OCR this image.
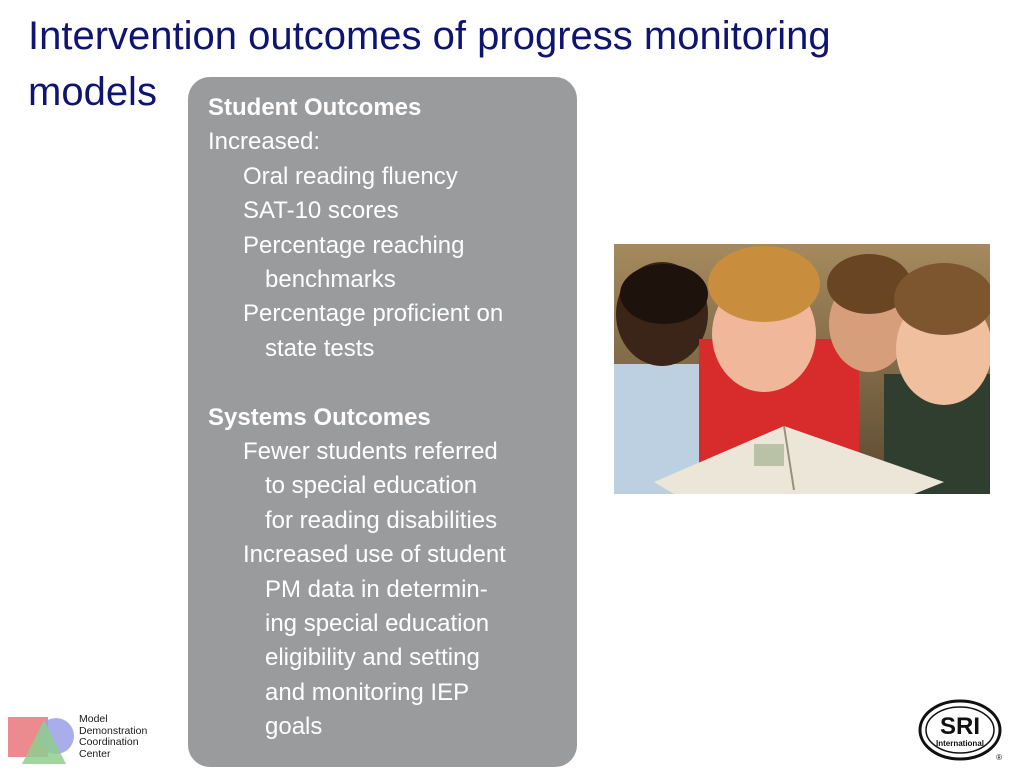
Intervention outcomes of progress monitoring
models	Student Outcomes
Increased:
Oral reading fluency
SAT-10 scores
Percentage reaching
benchmarks
Percentage proficient on
state tests
Systems Outcomes
Fewer students referred
to special education
for reading disabilities
Increased use of student
PM data in determin-
ing special education
eligibility and setting
and monitoring IEP
goals
Model
Demonstration
Coordination
Center
SRI
International
®
